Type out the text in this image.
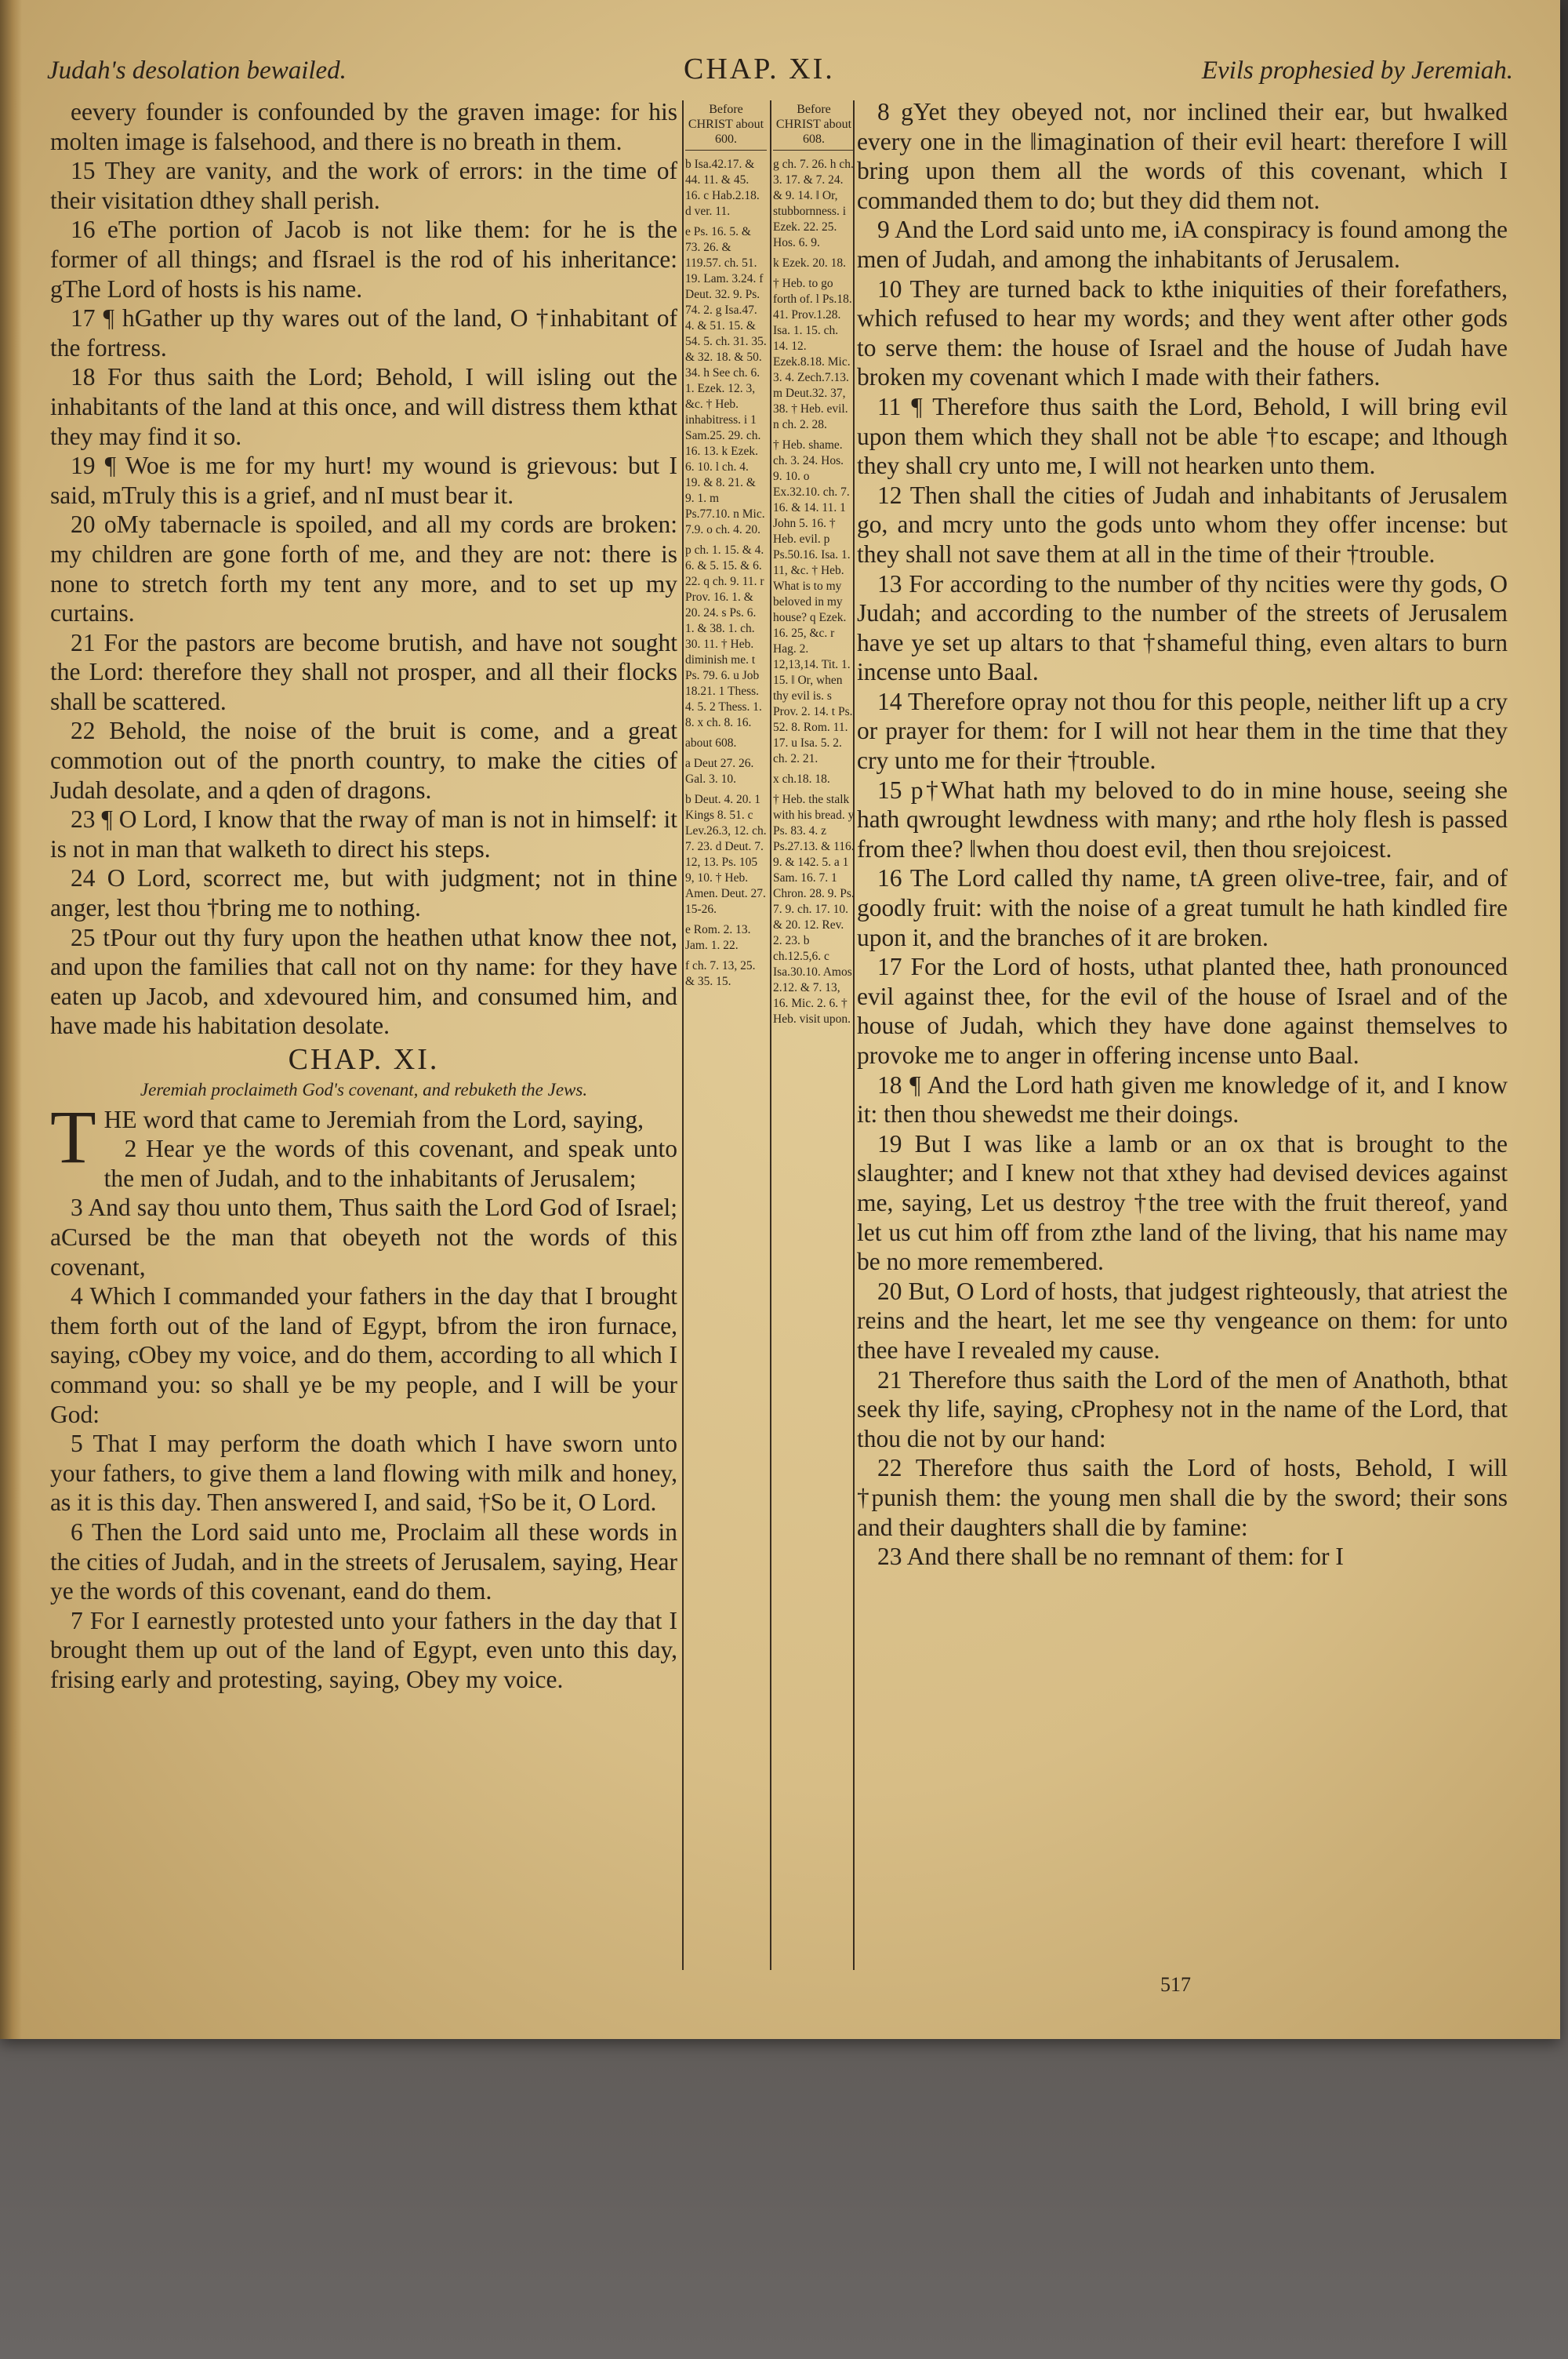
Judah's desolation bewailed.	CHAP. XI.	Evils prophesied by Jeremiah.

eevery founder is confounded by the graven image: for his molten image is falsehood, and there is no breath in them.

15 They are vanity, and the work of errors: in the time of their visitation dthey shall perish.

16 eThe portion of Jacob is not like them: for he is the former of all things; and fIsrael is the rod of his inheritance: gThe Lord of hosts is his name.

17 ¶ hGather up thy wares out of the land, O †inhabitant of the fortress.

18 For thus saith the Lord; Behold, I will isling out the inhabitants of the land at this once, and will distress them kthat they may find it so.

19 ¶ Woe is me for my hurt! my wound is grievous: but I said, mTruly this is a grief, and nI must bear it.

20 oMy tabernacle is spoiled, and all my cords are broken: my children are gone forth of me, and they are not: there is none to stretch forth my tent any more, and to set up my curtains.

21 For the pastors are become brutish, and have not sought the Lord: therefore they shall not prosper, and all their flocks shall be scattered.

22 Behold, the noise of the bruit is come, and a great commotion out of the pnorth country, to make the cities of Judah desolate, and a qden of dragons.

23 ¶ O Lord, I know that the rway of man is not in himself: it is not in man that walketh to direct his steps.

24 O Lord, scorrect me, but with judgment; not in thine anger, lest thou †bring me to nothing.

25 tPour out thy fury upon the heathen uthat know thee not, and upon the families that call not on thy name: for they have eaten up Jacob, and xdevoured him, and consumed him, and have made his habitation desolate.

CHAP. XI.
Jeremiah proclaimeth God's covenant, and rebuketh the Jews.

THE word that came to Jeremiah from the Lord, saying,

2 Hear ye the words of this covenant, and speak unto the men of Judah, and to the inhabitants of Jerusalem;

3 And say thou unto them, Thus saith the Lord God of Israel; aCursed be the man that obeyeth not the words of this covenant,

4 Which I commanded your fathers in the day that I brought them forth out of the land of Egypt, bfrom the iron furnace, saying, cObey my voice, and do them, according to all which I command you: so shall ye be my people, and I will be your God:

5 That I may perform the doath which I have sworn unto your fathers, to give them a land flowing with milk and honey, as it is this day. Then answered I, and said, †So be it, O Lord.

6 Then the Lord said unto me, Proclaim all these words in the cities of Judah, and in the streets of Jerusalem, saying, Hear ye the words of this covenant, eand do them.

7 For I earnestly protested unto your fathers in the day that I brought them up out of the land of Egypt, even unto this day, frising early and protesting, saying, Obey my voice.

Before CHRIST about 600.

b Isa.42.17. & 44. 11. & 45. 16. c Hab.2.18. d ver. 11.

e Ps. 16. 5. & 73. 26. & 119.57. ch. 51. 19. Lam. 3.24. f Deut. 32. 9. Ps. 74. 2. g Isa.47. 4. & 51. 15. & 54. 5. ch. 31. 35. & 32. 18. & 50. 34. h See ch. 6. 1. Ezek. 12. 3, &c. † Heb. inhabitress. i 1 Sam.25. 29. ch. 16. 13. k Ezek. 6. 10. l ch. 4. 19. & 8. 21. & 9. 1. m Ps.77.10. n Mic. 7.9. o ch. 4. 20.

p ch. 1. 15. & 4. 6. & 5. 15. & 6. 22. q ch. 9. 11. r Prov. 16. 1. & 20. 24. s Ps. 6. 1. & 38. 1. ch. 30. 11. † Heb. diminish me. t Ps. 79. 6. u Job 18.21. 1 Thess. 4. 5. 2 Thess. 1. 8. x ch. 8. 16.

about 608.

a Deut 27. 26. Gal. 3. 10.

b Deut. 4. 20. 1 Kings 8. 51. c Lev.26.3, 12. ch. 7. 23. d Deut. 7. 12, 13. Ps. 105 9, 10. † Heb. Amen. Deut. 27. 15-26.

e Rom. 2. 13. Jam. 1. 22.

f ch. 7. 13, 25. & 35. 15.

Before CHRIST about 608.

g ch. 7. 26. h ch. 3. 17. & 7. 24. & 9. 14. ‖ Or, stubbornness. i Ezek. 22. 25. Hos. 6. 9.

k Ezek. 20. 18.

† Heb. to go forth of. l Ps.18. 41. Prov.1.28. Isa. 1. 15. ch. 14. 12. Ezek.8.18. Mic. 3. 4. Zech.7.13. m Deut.32. 37, 38. † Heb. evil. n ch. 2. 28.

† Heb. shame. ch. 3. 24. Hos. 9. 10. o Ex.32.10. ch. 7. 16. & 14. 11. 1 John 5. 16. † Heb. evil. p Ps.50.16. Isa. 1. 11, &c. † Heb. What is to my beloved in my house? q Ezek. 16. 25, &c. r Hag. 2. 12,13,14. Tit. 1. 15. ‖ Or, when thy evil is. s Prov. 2. 14. t Ps. 52. 8. Rom. 11. 17. u Isa. 5. 2. ch. 2. 21.

x ch.18. 18.

† Heb. the stalk with his bread. y Ps. 83. 4. z Ps.27.13. & 116. 9. & 142. 5. a 1 Sam. 16. 7. 1 Chron. 28. 9. Ps. 7. 9. ch. 17. 10. & 20. 12. Rev. 2. 23. b ch.12.5,6. c Isa.30.10. Amos 2.12. & 7. 13, 16. Mic. 2. 6. † Heb. visit upon.

8 gYet they obeyed not, nor inclined their ear, but hwalked every one in the ‖imagination of their evil heart: therefore I will bring upon them all the words of this covenant, which I commanded them to do; but they did them not.

9 And the Lord said unto me, iA conspiracy is found among the men of Judah, and among the inhabitants of Jerusalem.

10 They are turned back to kthe iniquities of their forefathers, which refused to hear my words; and they went after other gods to serve them: the house of Israel and the house of Judah have broken my covenant which I made with their fathers.

11 ¶ Therefore thus saith the Lord, Behold, I will bring evil upon them which they shall not be able †to escape; and lthough they shall cry unto me, I will not hearken unto them.

12 Then shall the cities of Judah and inhabitants of Jerusalem go, and mcry unto the gods unto whom they offer incense: but they shall not save them at all in the time of their †trouble.

13 For according to the number of thy ncities were thy gods, O Judah; and according to the number of the streets of Jerusalem have ye set up altars to that †shameful thing, even altars to burn incense unto Baal.

14 Therefore opray not thou for this people, neither lift up a cry or prayer for them: for I will not hear them in the time that they cry unto me for their †trouble.

15 p†What hath my beloved to do in mine house, seeing she hath qwrought lewdness with many; and rthe holy flesh is passed from thee? ‖when thou doest evil, then thou srejoicest.

16 The Lord called thy name, tA green olive-tree, fair, and of goodly fruit: with the noise of a great tumult he hath kindled fire upon it, and the branches of it are broken.

17 For the Lord of hosts, uthat planted thee, hath pronounced evil against thee, for the evil of the house of Israel and of the house of Judah, which they have done against themselves to provoke me to anger in offering incense unto Baal.

18 ¶ And the Lord hath given me knowledge of it, and I know it: then thou shewedst me their doings.

19 But I was like a lamb or an ox that is brought to the slaughter; and I knew not that xthey had devised devices against me, saying, Let us destroy †the tree with the fruit thereof, yand let us cut him off from zthe land of the living, that his name may be no more remembered.

20 But, O Lord of hosts, that judgest righteously, that atriest the reins and the heart, let me see thy vengeance on them: for unto thee have I revealed my cause.

21 Therefore thus saith the Lord of the men of Anathoth, bthat seek thy life, saying, cProphesy not in the name of the Lord, that thou die not by our hand:

22 Therefore thus saith the Lord of hosts, Behold, I will †punish them: the young men shall die by the sword; their sons and their daughters shall die by famine:

23 And there shall be no remnant of them: for I

517
